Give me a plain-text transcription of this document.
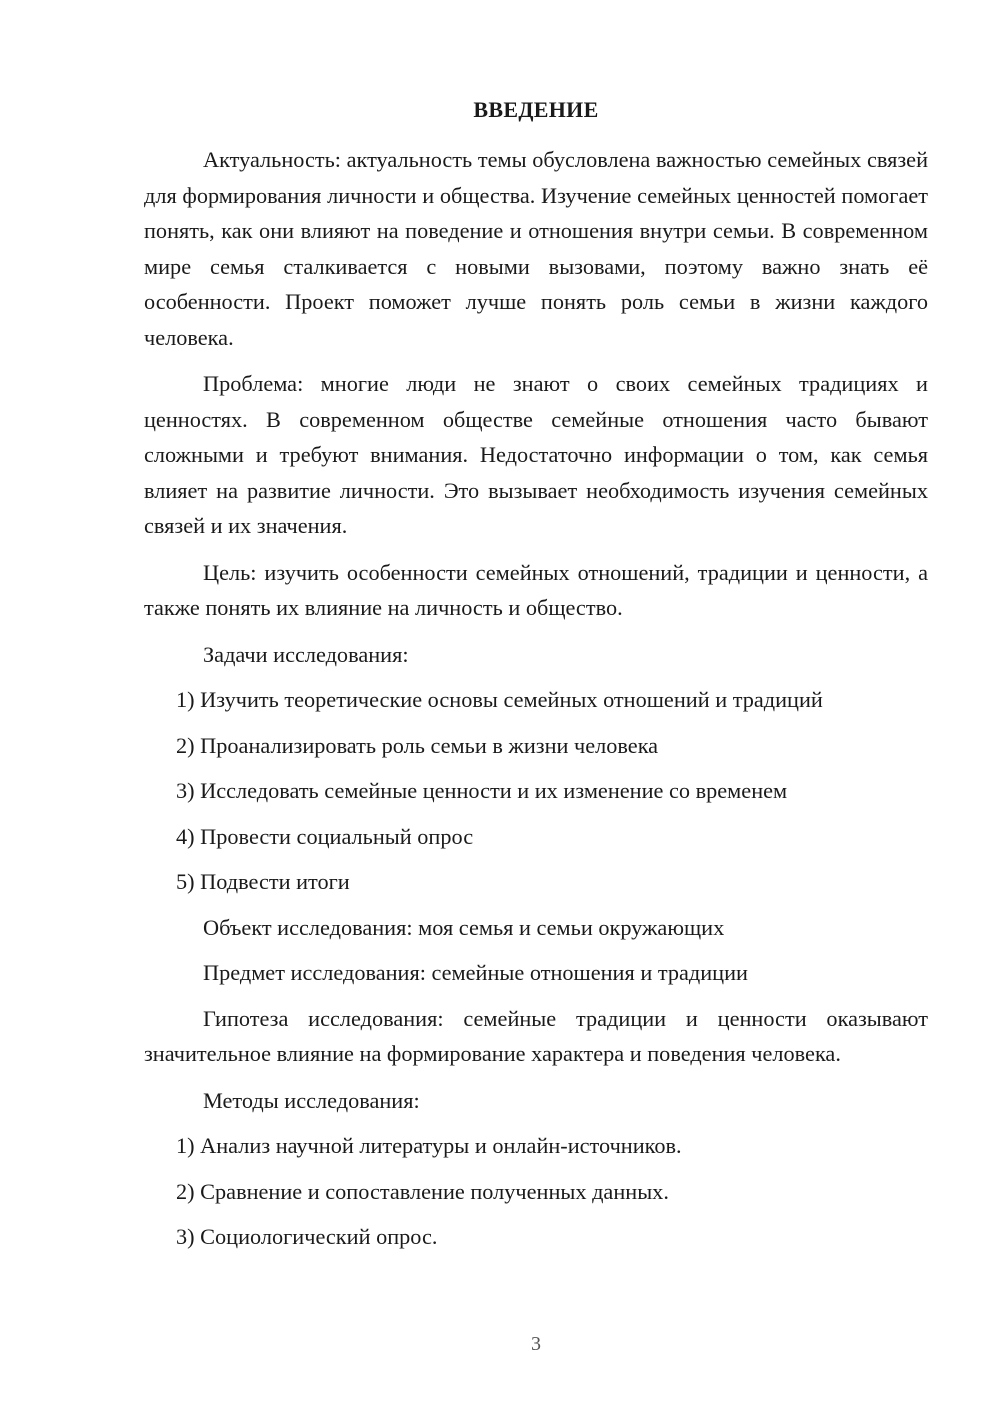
ВВЕДЕНИЕ

Актуальность: актуальность темы обусловлена важностью семейных связей для формирования личности и общества. Изучение семейных ценностей помогает понять, как они влияют на поведение и отношения внутри семьи. В современном мире семья сталкивается с новыми вызовами, поэтому важно знать её особенности. Проект поможет лучше понять роль семьи в жизни каждого человека.

Проблема: многие люди не знают о своих семейных традициях и ценностях. В современном обществе семейные отношения часто бывают сложными и требуют внимания. Недостаточно информации о том, как семья влияет на развитие личности. Это вызывает необходимость изучения семейных связей и их значения.

Цель: изучить особенности семейных отношений, традиции и ценности, а также понять их влияние на личность и общество.

Задачи исследования:

1) Изучить теоретические основы семейных отношений и традиций

2) Проанализировать роль семьи в жизни человека

3) Исследовать семейные ценности и их изменение со временем

4) Провести социальный опрос

5) Подвести итоги

Объект исследования: моя семья и семьи окружающих

Предмет исследования: семейные отношения и традиции

Гипотеза исследования: семейные традиции и ценности оказывают значительное влияние на формирование характера и поведения человека.

Методы исследования:

1) Анализ научной литературы и онлайн-источников.

2) Сравнение и сопоставление полученных данных.

3) Социологический опрос.

3
